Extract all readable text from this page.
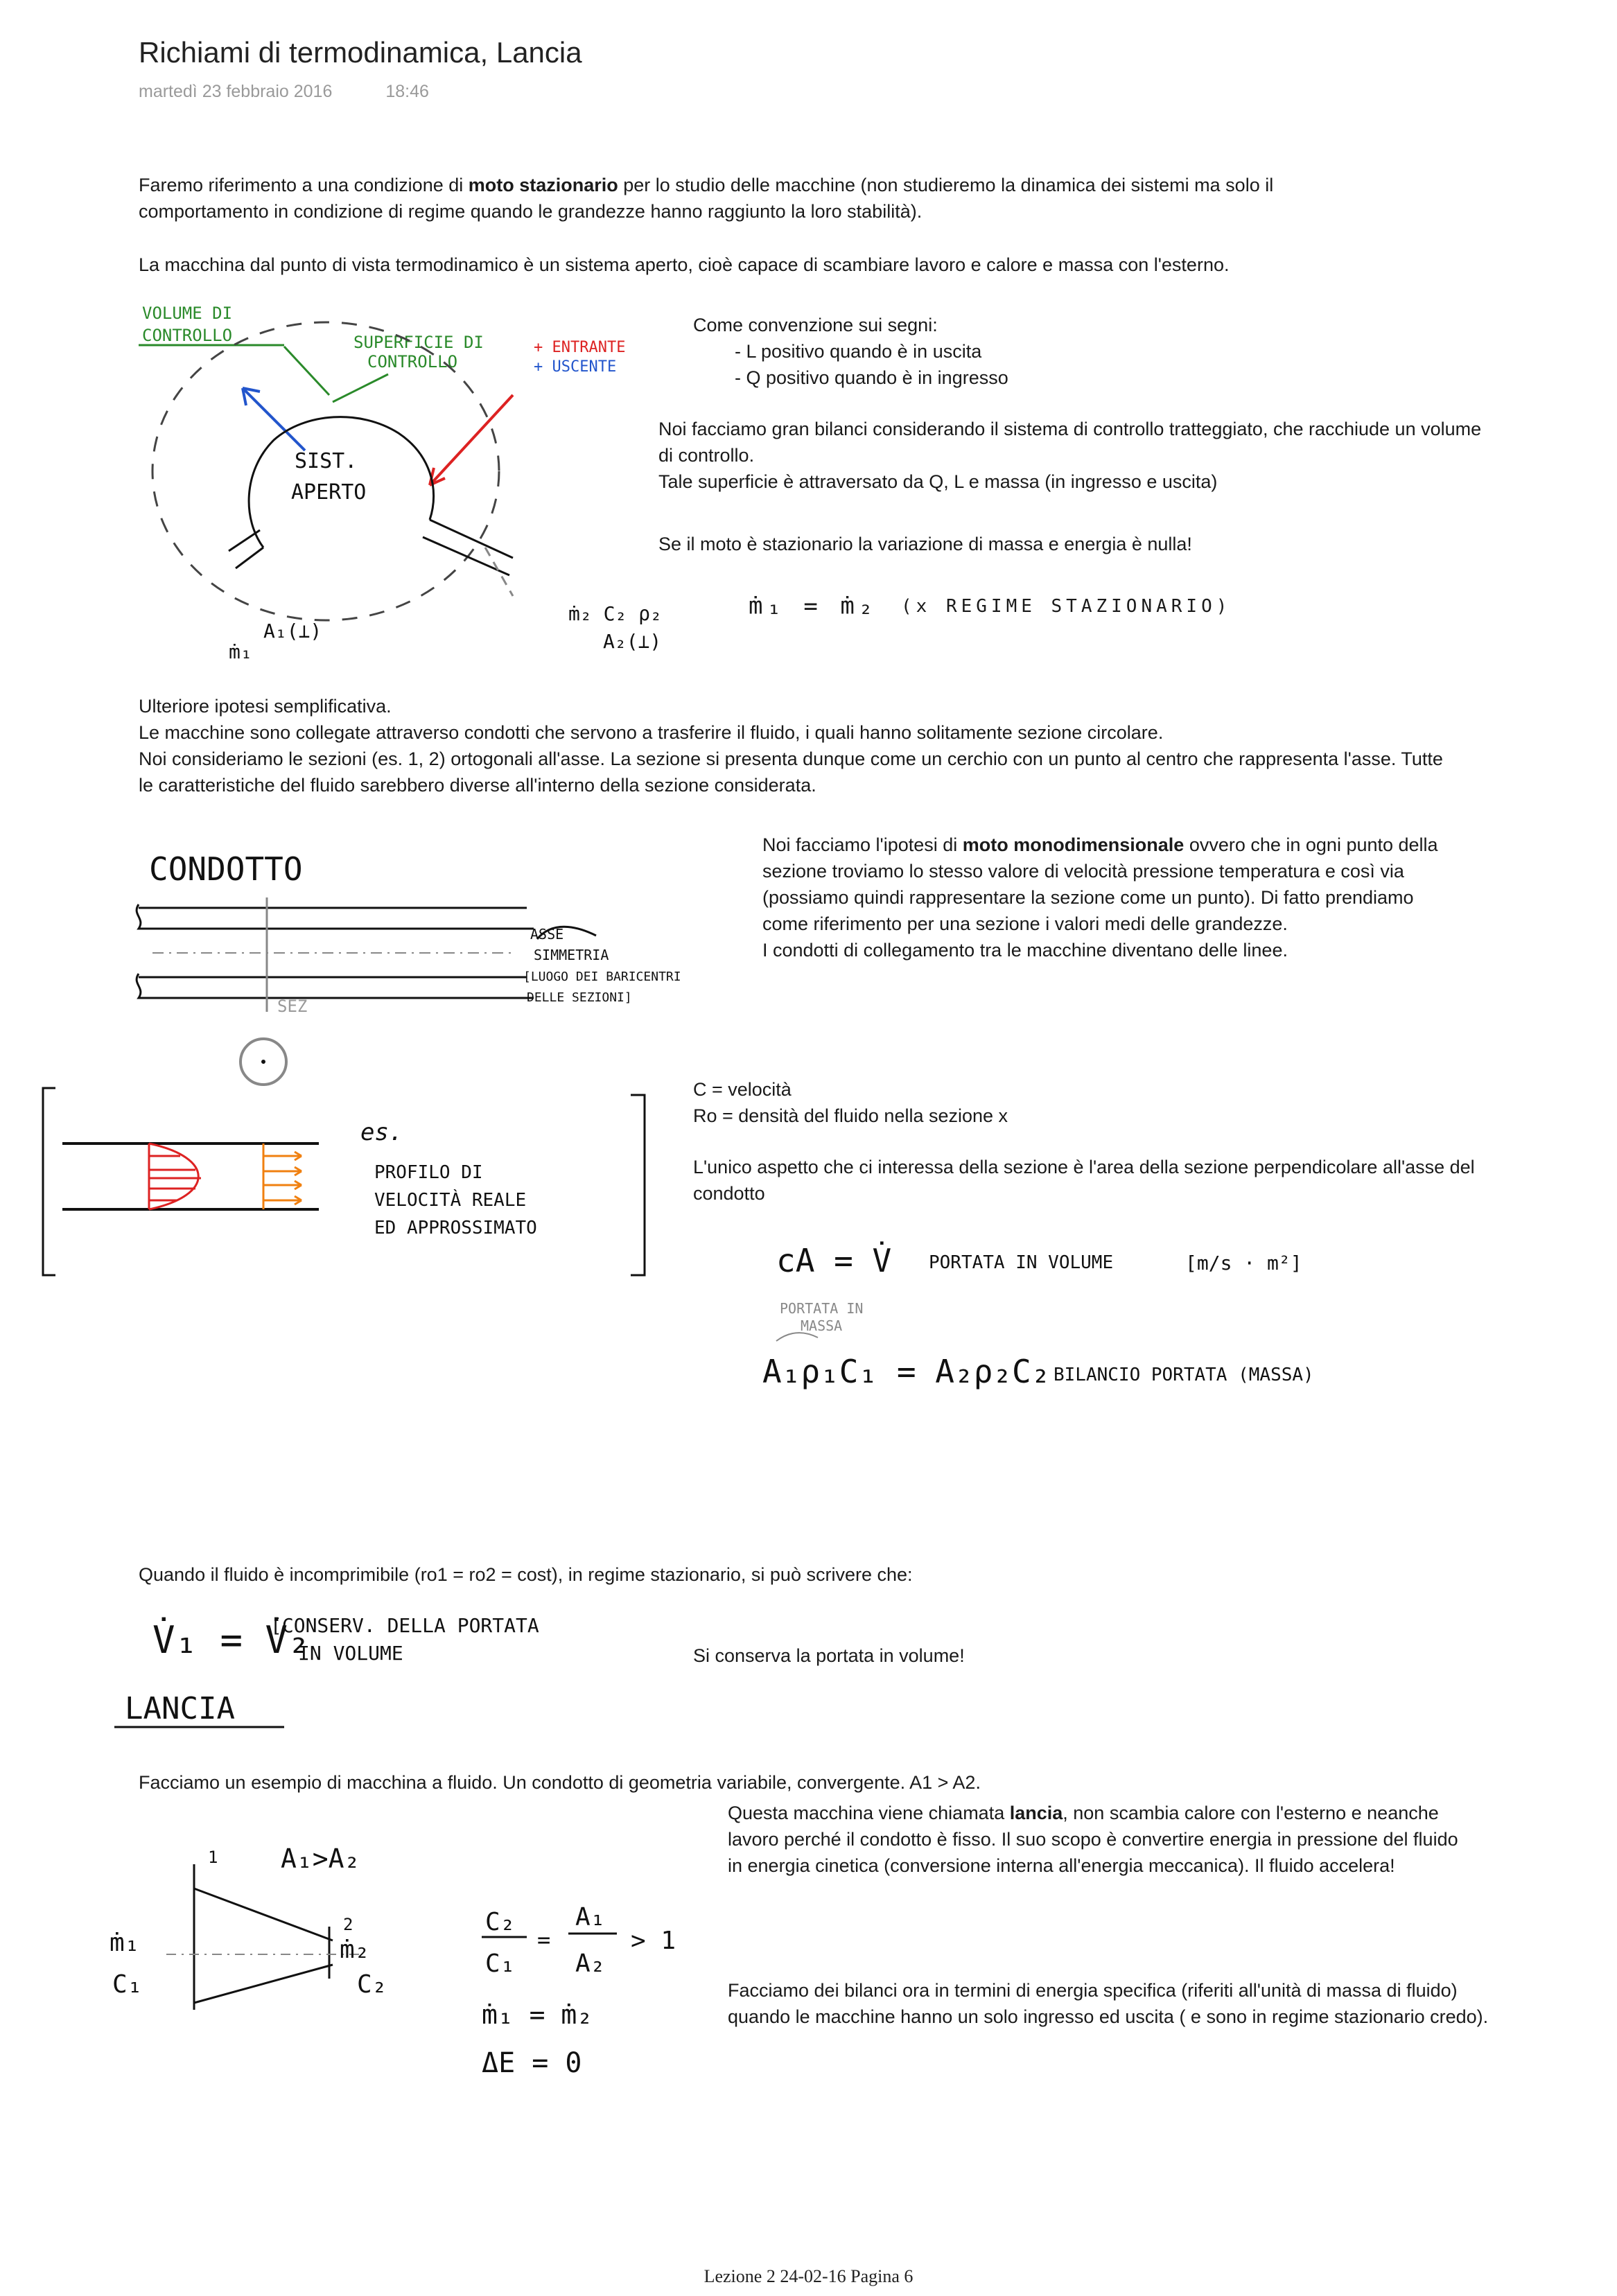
Richiami di termodinamica, Lancia
martedì 23 febbraio 2016	18:46
Faremo riferimento a una condizione di moto stazionario per lo studio delle macchine (non studieremo la dinamica dei sistemi ma solo il
comportamento in condizione di regime quando le grandezze hanno raggiunto la loro stabilità).
La macchina dal punto di vista termodinamico è un sistema aperto, cioè capace di scambiare lavoro e calore e massa con l'esterno.
VOLUME DI
CONTROLLO	SUPERFICIE DI
CONTROLLO
+ ENTRANTE
+ USCENTE
SIST.
APERTO
A₁(⊥)
ṁ₁
ṁ₂ C₂ ρ₂
A₂(⊥)
Come convenzione sui segni:
- L positivo quando è in uscita
- Q positivo quando è in ingresso
Noi facciamo gran bilanci considerando il sistema di controllo tratteggiato, che racchiude un volume
di controllo.
Tale superficie è attraversato da Q, L e massa (in ingresso e uscita)
Se il moto è stazionario la variazione di massa e energia è nulla!
ṁ₁ = ṁ₂ (x REGIME STAZIONARIO)
Ulteriore ipotesi semplificativa.
Le macchine sono collegate attraverso condotti che servono a trasferire il fluido, i quali hanno solitamente sezione circolare.
Noi consideriamo le sezioni (es. 1, 2) ortogonali all'asse. La sezione si presenta dunque come un cerchio con un punto al centro che rappresenta l'asse. Tutte
le caratteristiche del fluido sarebbero diverse all'interno della sezione considerata.
CONDOTTO
SEZ
ASSE
SIMMETRIA
[LUOGO DEI BARICENTRI
DELLE SEZIONI]
Noi facciamo l'ipotesi di moto monodimensionale ovvero che in ogni punto della
sezione troviamo lo stesso valore di velocità pressione temperatura e così via
(possiamo quindi rappresentare la sezione come un punto). Di fatto prendiamo
come riferimento per una sezione i valori medi delle grandezze.
I condotti di collegamento tra le macchine diventano delle linee.
es.
PROFILO DI
VELOCITÀ REALE
ED APPROSSIMATO
C = velocità
Ro = densità del fluido nella sezione x
L'unico aspetto che ci interessa della sezione è l'area della sezione perpendicolare all'asse del
condotto
cA = V̇ PORTATA IN VOLUME	[m/s · m²]
PORTATA IN
MASSA
A₁ρ₁C₁ = A₂ρ₂C₂ BILANCIO PORTATA (MASSA)
Quando il fluido è incomprimibile (ro1 = ro2 = cost), in regime stazionario, si può scrivere che:
V̇₁ = V̇₂
[CONSERV. DELLA PORTATA
IN VOLUME
LANCIA
Si conserva la portata in volume!
Facciamo un esempio di macchina a fluido. Un condotto di geometria variabile, convergente. A1 > A2.
Questa macchina viene chiamata lancia, non scambia calore con l'esterno e neanche
lavoro perché il condotto è fisso. Il suo scopo è convertire energia in pressione del fluido
in energia cinetica (conversione interna all'energia meccanica). Il fluido accelera!
Facciamo dei bilanci ora in termini di energia specifica (riferiti all'unità di massa di fluido)
quando le macchine hanno un solo ingresso ed uscita ( e sono in regime stazionario credo).
1 A₁>A₂
2
ṁ₁
C₁
ṁ₂
C₂
C₂
C₁
=
A₁
A₂
> 1
ṁ₁ = ṁ₂
ΔE = 0
Lezione 2 24-02-16 Pagina 6
